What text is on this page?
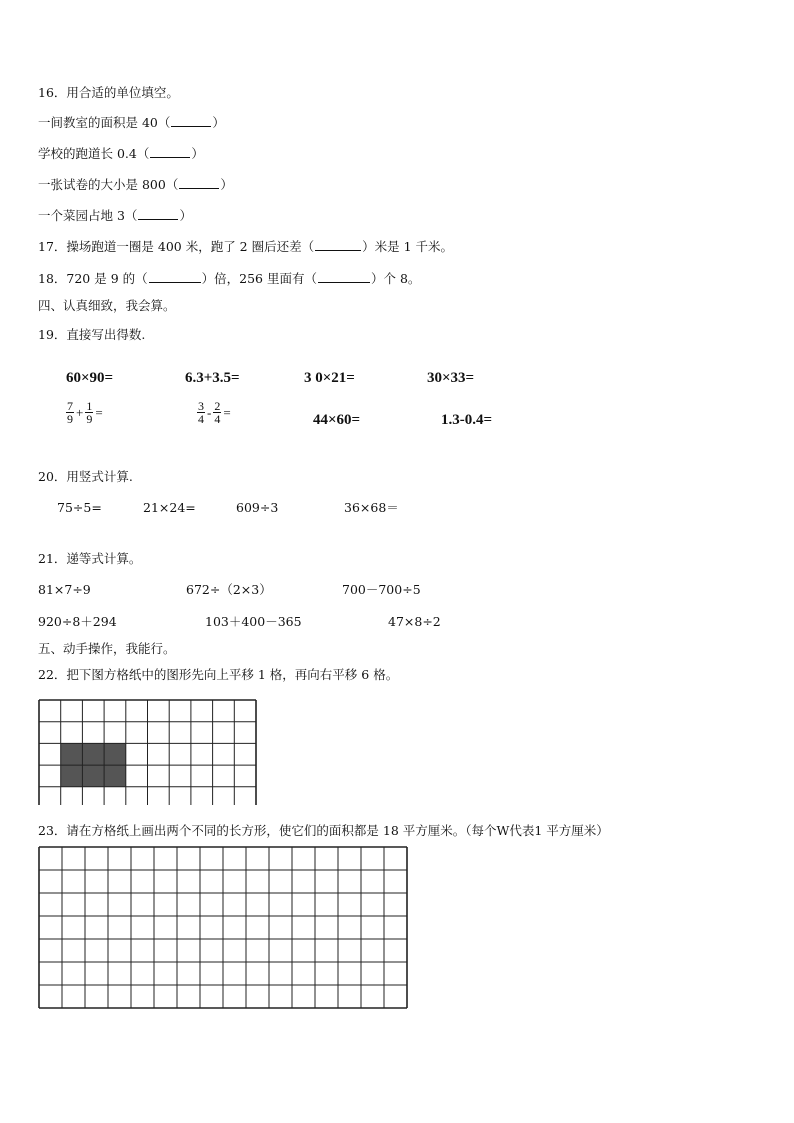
16．用合适的单位填空。
一间教室的面积是 40（	）
学校的跑道长 0.4（	）
一张试卷的大小是 800（	）
一个菜园占地 3（	）
17．操场跑道一圈是 400 米，跑了 2 圈后还差（	）米是 1 千米。
18．720 是 9 的（	）倍，256 里面有（	）个 8。
四、认真细致，我会算。
19．直接写出得数.
60×90=	6.3+3.5=	3 0×21=	30×33=
$\frac{7}{9} + \frac{1}{9}$ =	$\frac{3}{4} - \frac{2}{4}$ =	44×60=	1.3-0.4=
20．用竖式计算.
75÷5=	21×24=	609÷3	36×68＝
21．递等式计算。
81×7÷9	672÷（2×3）	700－700÷5
920÷8＋294	103＋400－365	47×8÷2
五、动手操作，我能行。
22．把下图方格纸中的图形先向上平移 1 格，再向右平移 6 格。
23．请在方格纸上画出两个不同的长方形，使它们的面积都是 18 平方厘米。（每个W代表1 平方厘米）
